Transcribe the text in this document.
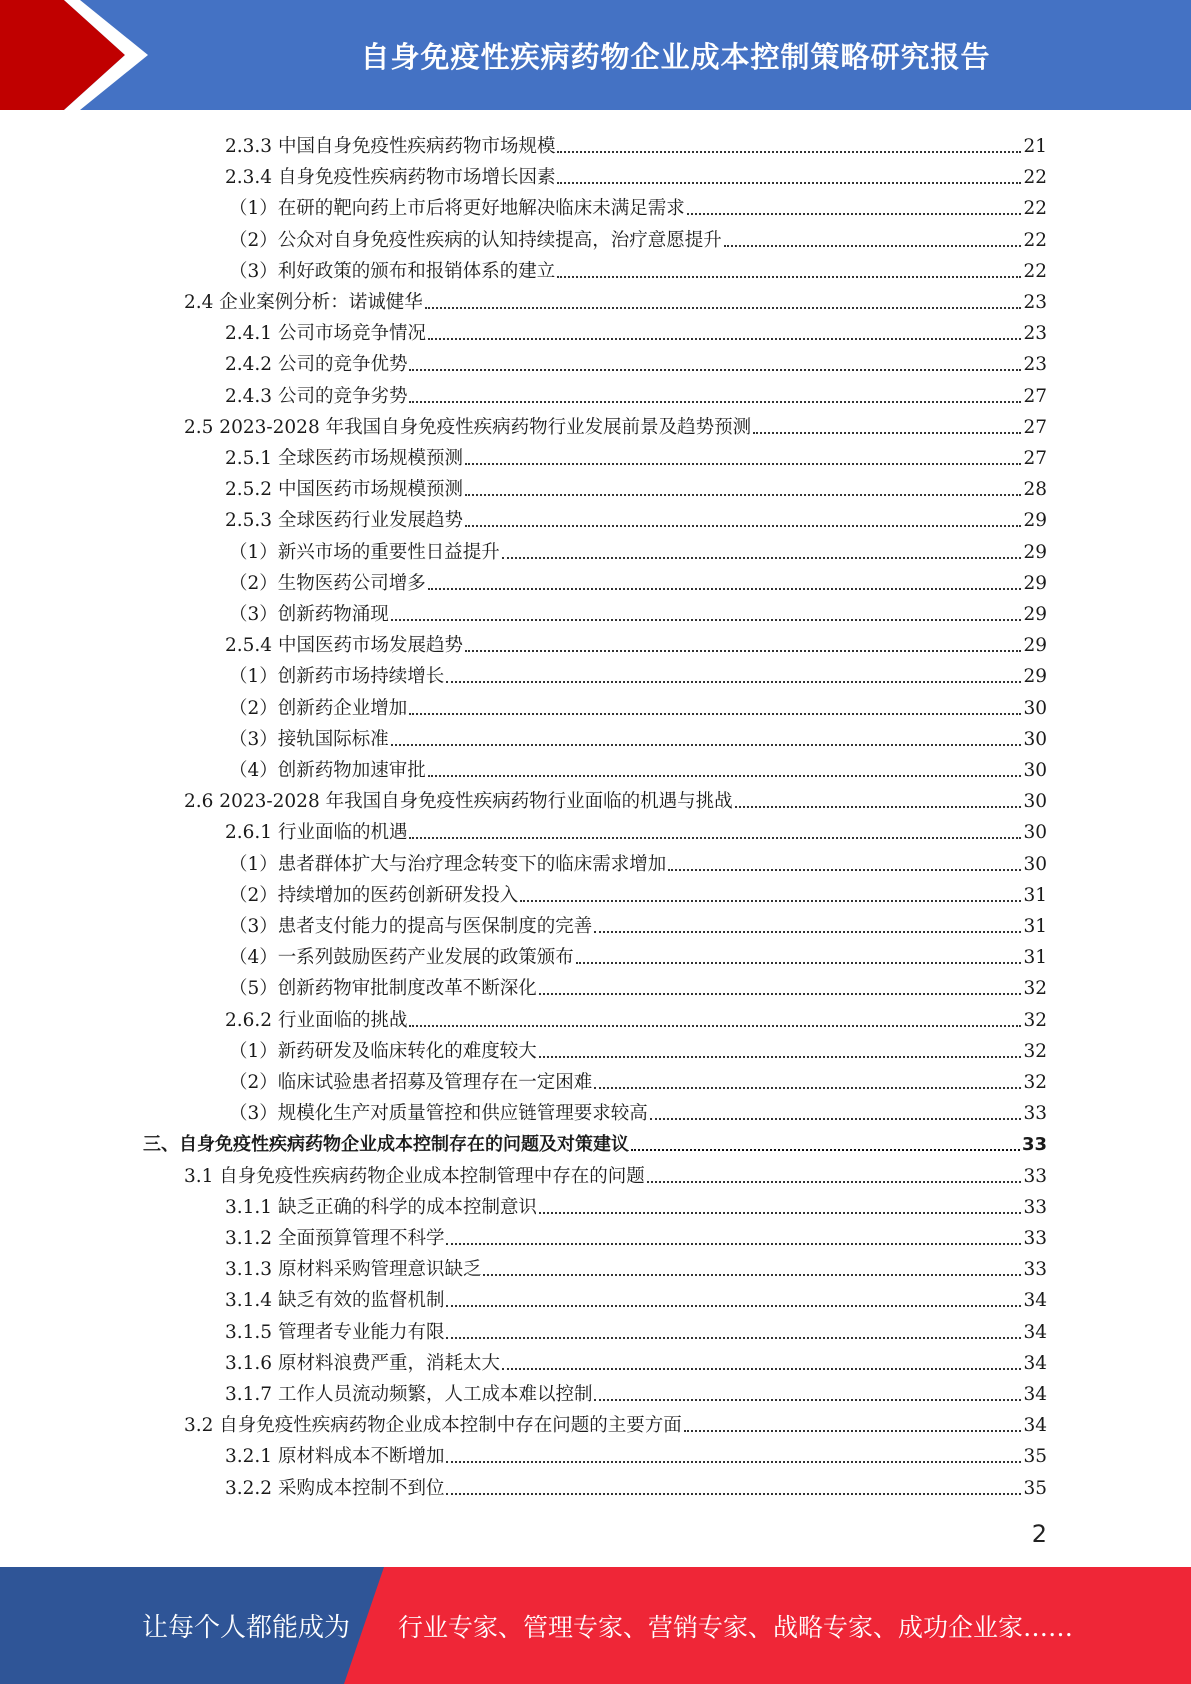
自身免疫性疾病药物企业成本控制策略研究报告
2.3.3 中国自身免疫性疾病药物市场规模	21
2.3.4 自身免疫性疾病药物市场增长因素	22
（1）在研的靶向药上市后将更好地解决临床未满足需求	22
（2）公众对自身免疫性疾病的认知持续提高，治疗意愿提升	22
（3）利好政策的颁布和报销体系的建立	22
2.4 企业案例分析：诺诚健华	23
2.4.1 公司市场竞争情况	23
2.4.2 公司的竞争优势	23
2.4.3 公司的竞争劣势	27
2.5 2023-2028 年我国自身免疫性疾病药物行业发展前景及趋势预测	27
2.5.1 全球医药市场规模预测	27
2.5.2 中国医药市场规模预测	28
2.5.3 全球医药行业发展趋势	29
（1）新兴市场的重要性日益提升	29
（2）生物医药公司增多	29
（3）创新药物涌现	29
2.5.4 中国医药市场发展趋势	29
（1）创新药市场持续增长	29
（2）创新药企业增加	30
（3）接轨国际标准	30
（4）创新药物加速审批	30
2.6 2023-2028 年我国自身免疫性疾病药物行业面临的机遇与挑战	30
2.6.1 行业面临的机遇	30
（1）患者群体扩大与治疗理念转变下的临床需求增加	30
（2）持续增加的医药创新研发投入	31
（3）患者支付能力的提高与医保制度的完善	31
（4）一系列鼓励医药产业发展的政策颁布	31
（5）创新药物审批制度改革不断深化	32
2.6.2 行业面临的挑战	32
（1）新药研发及临床转化的难度较大	32
（2）临床试验患者招募及管理存在一定困难	32
（3）规模化生产对质量管控和供应链管理要求较高	33
三、自身免疫性疾病药物企业成本控制存在的问题及对策建议	33
3.1 自身免疫性疾病药物企业成本控制管理中存在的问题	33
3.1.1 缺乏正确的科学的成本控制意识	33
3.1.2 全面预算管理不科学	33
3.1.3 原材料采购管理意识缺乏	33
3.1.4 缺乏有效的监督机制	34
3.1.5 管理者专业能力有限	34
3.1.6 原材料浪费严重，消耗太大	34
3.1.7 工作人员流动频繁，人工成本难以控制	34
3.2 自身免疫性疾病药物企业成本控制中存在问题的主要方面	34
3.2.1 原材料成本不断增加	35
3.2.2 采购成本控制不到位	35
2
让每个人都能成为 行业专家、管理专家、营销专家、战略专家、成功企业家……
